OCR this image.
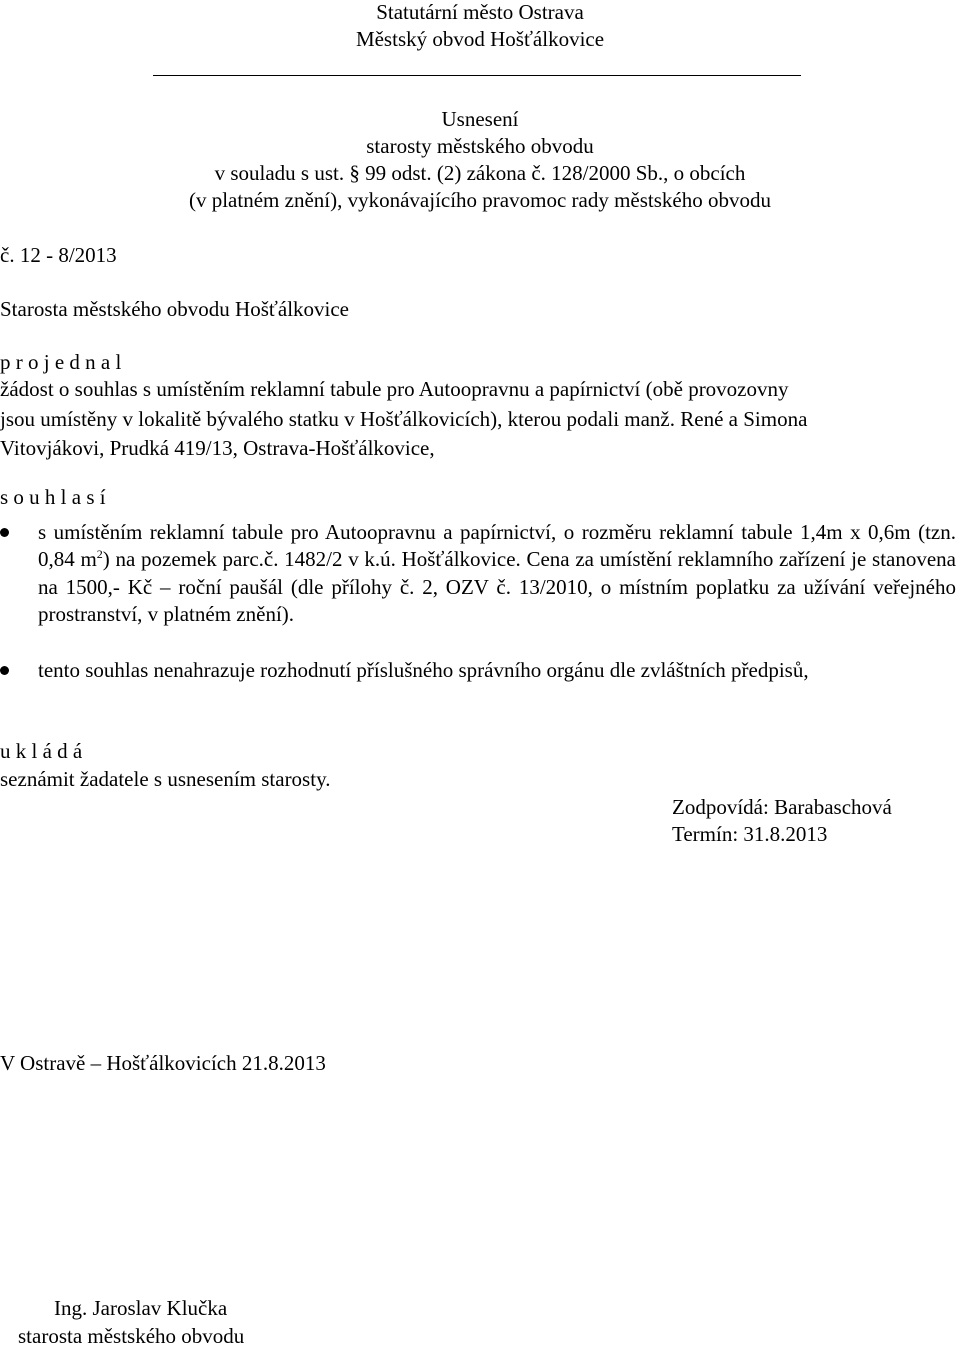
Statutární město Ostrava
Městský obvod Hošťálkovice
Usnesení
starosty městského obvodu
v souladu s ust. § 99 odst. (2) zákona č. 128/2000 Sb., o obcích
(v platném znění), vykonávajícího pravomoc rady městského obvodu
č. 12 - 8/2013
Starosta městského obvodu Hošťálkovice
p r o j e d n a l
žádost o souhlas s umístěním reklamní tabule pro Autoopravnu a papírnictví (obě provozovny
jsou umístěny v lokalitě bývalého statku v Hošťálkovicích), kterou podali manž. René a Simona
Vitovjákovi, Prudká 419/13, Ostrava-Hošťálkovice,
s o u h l a s í
s umístěním reklamní tabule pro Autoopravnu a papírnictví, o rozměru reklamní tabule 1,4m x 0,6m (tzn. 0,84 $m^2$) na pozemek parc.č. 1482/2 v k.ú. Hošťálkovice. Cena za umístění reklamního zařízení je stanovena na 1500,- Kč – roční paušál (dle přílohy č. 2, OZV č. 13/2010, o místním poplatku za užívání veřejného prostranství, v platném znění).
tento souhlas nenahrazuje rozhodnutí příslušného správního orgánu dle zvláštních předpisů,
u k l á d á
seznámit žadatele s usnesením starosty.
Zodpovídá: Barabaschová
Termín: 31.8.2013
V Ostravě – Hošťálkovicích 21.8.2013
Ing. Jaroslav Klučka
starosta městského obvodu
